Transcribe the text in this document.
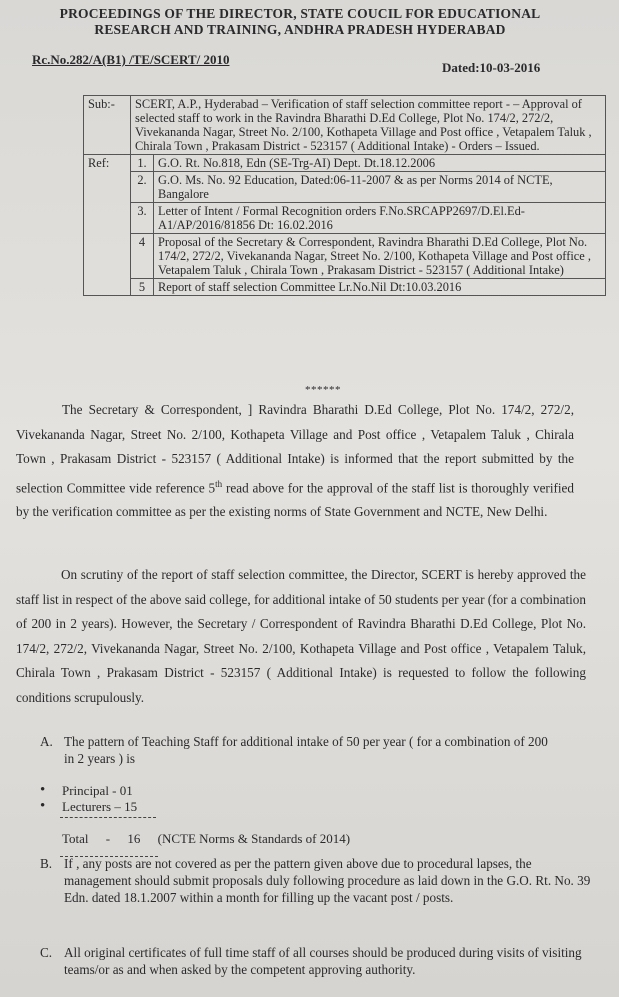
PROCEEDINGS OF THE DIRECTOR, STATE COUCIL FOR EDUCATIONAL
RESEARCH AND TRAINING, ANDHRA PRADESH HYDERABAD
Rc.No.282/A(B1) /TE/SCERT/ 2010
Dated:10-03-2016
Sub:-	SCERT, A.P., Hyderabad – Verification of staff selection committee report - – Approval of selected staff to work in the Ravindra Bharathi D.Ed College, Plot No. 174/2, 272/2, Vivekananda Nagar, Street No. 2/100, Kothapeta Village and Post office , Vetapalem Taluk , Chirala Town , Prakasam District - 523157 ( Additional Intake) - Orders – Issued.	
Ref:	1.	G.O. Rt. No.818, Edn (SE-Trg-AI) Dept. Dt.18.12.2006
	2.	G.O. Ms. No. 92 Education, Dated:06-11-2007 & as per Norms 2014 of NCTE, Bangalore
	3.	Letter of Intent / Formal Recognition orders F.No.SRCAPP2697/D.El.Ed-A1/AP/2016/81856 Dt: 16.02.2016
	4	Proposal of the Secretary & Correspondent, Ravindra Bharathi D.Ed College, Plot No. 174/2, 272/2, Vivekananda Nagar, Street No. 2/100, Kothapeta Village and Post office , Vetapalem Taluk , Chirala Town , Prakasam District - 523157 ( Additional Intake)
	5	Report of staff selection Committee Lr.No.Nil Dt:10.03.2016
******
The Secretary & Correspondent, ] Ravindra Bharathi D.Ed College, Plot No. 174/2, 272/2, Vivekananda Nagar, Street No. 2/100, Kothapeta Village and Post office , Vetapalem Taluk , Chirala Town , Prakasam District - 523157 ( Additional Intake) is informed that the report submitted by the selection Committee vide reference 5th read above for the approval of the staff list is thoroughly verified by the verification committee as per the existing norms of State Government and NCTE, New Delhi.
On scrutiny of the report of staff selection committee, the Director, SCERT is hereby approved the staff list in respect of the above said college, for additional intake of 50 students per year (for a combination of 200 in 2 years). However, the Secretary / Correspondent of Ravindra Bharathi D.Ed College, Plot No. 174/2, 272/2, Vivekananda Nagar, Street No. 2/100, Kothapeta Village and Post office , Vetapalem Taluk, Chirala Town , Prakasam District - 523157 ( Additional Intake) is requested to follow the following conditions scrupulously.
A. The pattern of Teaching Staff for additional intake of 50 per year ( for a combination of 200 in 2 years ) is
• Principal - 01
• Lecturers – 15
Total - 16 (NCTE Norms & Standards of 2014)
B. If , any posts are not covered as per the pattern given above due to procedural lapses, the management should submit proposals duly following procedure as laid down in the G.O. Rt. No. 39 Edn. dated 18.1.2007 within a month for filling up the vacant post / posts.
C. All original certificates of full time staff of all courses should be produced during visits of visiting teams/or as and when asked by the competent approving authority.
